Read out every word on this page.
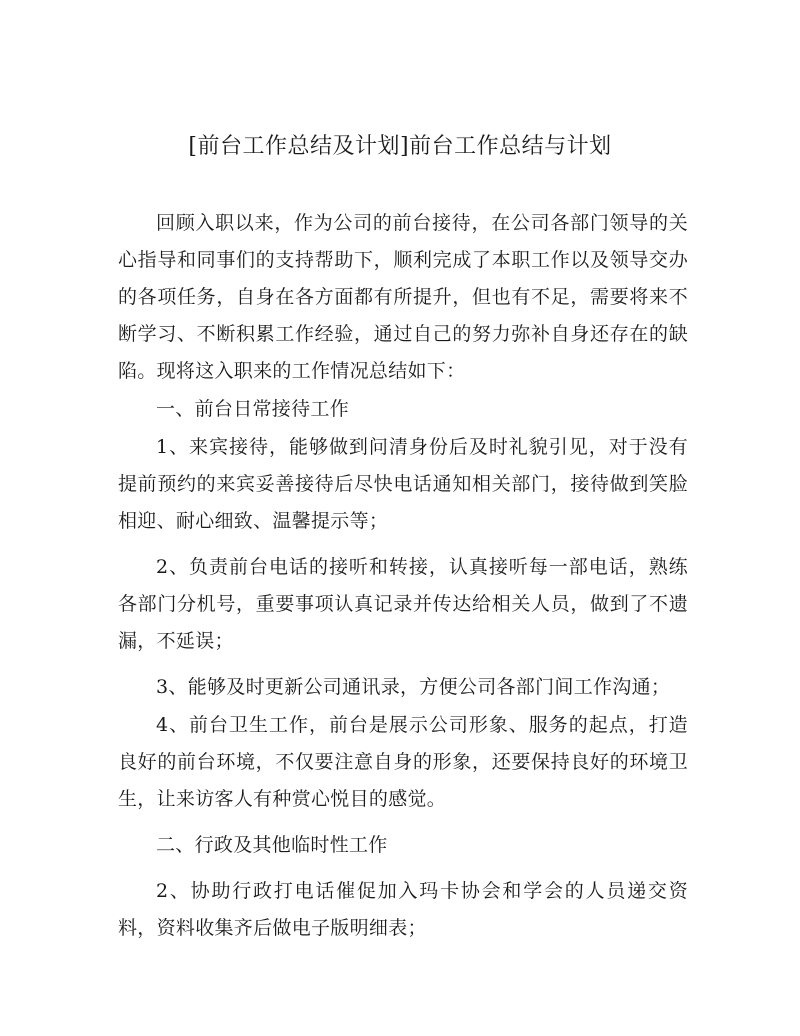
[前台工作总结及计划]前台工作总结与计划

回顾入职以来，作为公司的前台接待，在公司各部门领导的关心指导和同事们的支持帮助下，顺利完成了本职工作以及领导交办的各项任务，自身在各方面都有所提升，但也有不足，需要将来不断学习、不断积累工作经验，通过自己的努力弥补自身还存在的缺陷。现将这入职来的工作情况总结如下：

一、前台日常接待工作

1、来宾接待，能够做到问清身份后及时礼貌引见，对于没有提前预约的来宾妥善接待后尽快电话通知相关部门，接待做到笑脸相迎、耐心细致、温馨提示等；

2、负责前台电话的接听和转接，认真接听每一部电话，熟练各部门分机号，重要事项认真记录并传达给相关人员，做到了不遗漏，不延误；

3、能够及时更新公司通讯录，方便公司各部门间工作沟通；

4、前台卫生工作，前台是展示公司形象、服务的起点，打造良好的前台环境，不仅要注意自身的形象，还要保持良好的环境卫生，让来访客人有种赏心悦目的感觉。

二、行政及其他临时性工作

2、协助行政打电话催促加入玛卡协会和学会的人员递交资料，资料收集齐后做电子版明细表；
